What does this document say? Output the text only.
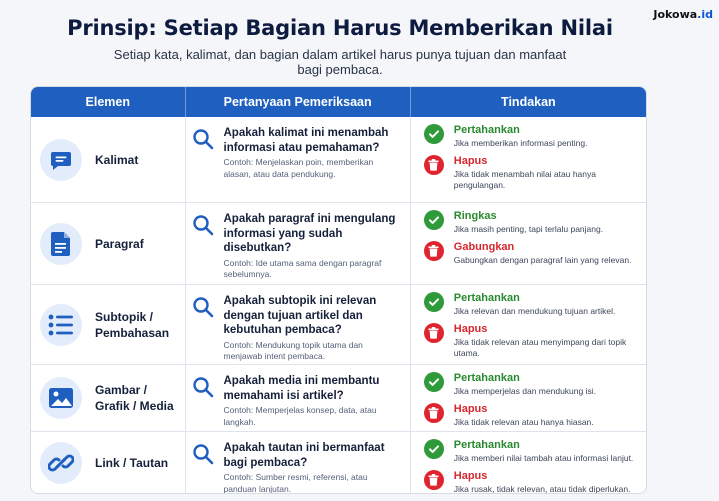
Jokowa.id
Prinsip: Setiap Bagian Harus Memberikan Nilai
Setiap kata, kalimat, dan bagian dalam artikel harus punya tujuan dan manfaat bagi pembaca.
Elemen	Pertanyaan Pemeriksaan	Tindakan
Kalimat
Apakah kalimat ini menambah informasi atau pemahaman?
Contoh: Menjelaskan poin, memberikan alasan, atau data pendukung.
Pertahankan
Jika memberikan informasi penting.
Hapus
Jika tidak menambah nilai atau hanya pengulangan.
Paragraf
Apakah paragraf ini mengulang informasi yang sudah disebutkan?
Contoh: Ide utama sama dengan paragraf sebelumnya.
Ringkas
Jika masih penting, tapi terlalu panjang.
Gabungkan
Gabungkan dengan paragraf lain yang relevan.
Subtopik / Pembahasan
Apakah subtopik ini relevan dengan tujuan artikel dan kebutuhan pembaca?
Contoh: Mendukung topik utama dan menjawab intent pembaca.
Pertahankan
Jika relevan dan mendukung tujuan artikel.
Hapus
Jika tidak relevan atau menyimpang dari topik utama.
Gambar / Grafik / Media
Apakah media ini membantu memahami isi artikel?
Contoh: Memperjelas konsep, data, atau langkah.
Pertahankan
Jika memperjelas dan mendukung isi.
Hapus
Jika tidak relevan atau hanya hiasan.
Link / Tautan
Apakah tautan ini bermanfaat bagi pembaca?
Contoh: Sumber resmi, referensi, atau panduan lanjutan.
Pertahankan
Jika memberi nilai tambah atau informasi lanjut.
Hapus
Jika rusak, tidak relevan, atau tidak diperlukan.
